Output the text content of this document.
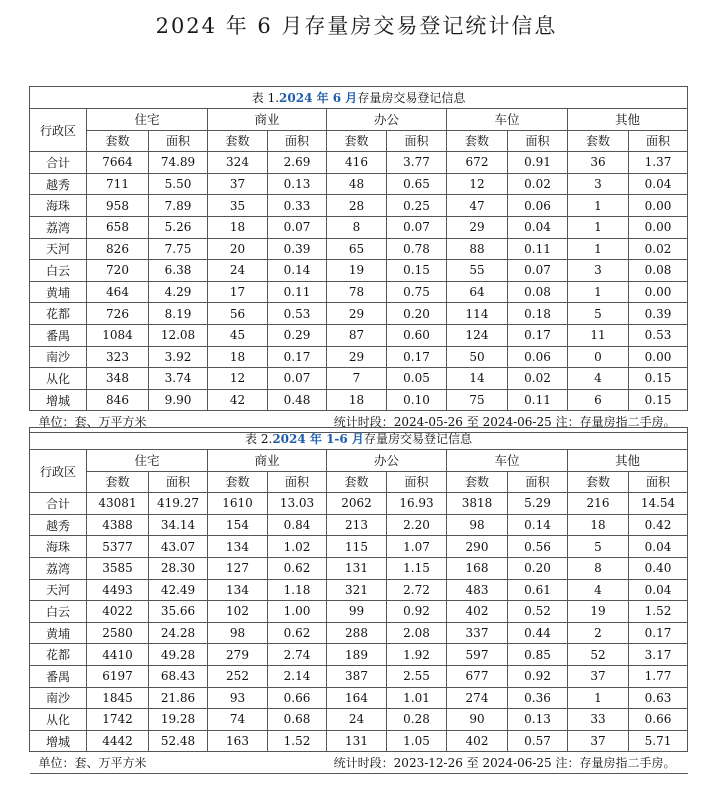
2024 年 6 月存量房交易登记统计信息
表 1.2024 年 6 月存量房交易登记信息										
行政区	住宅		商业		办公		车位		其他	
	套数	面积	套数	面积	套数	面积	套数	面积	套数	面积
合计	7664	74.89	324	2.69	416	3.77	672	0.91	36	1.37
越秀	711	5.50	37	0.13	48	0.65	12	0.02	3	0.04
海珠	958	7.89	35	0.33	28	0.25	47	0.06	1	0.00
荔湾	658	5.26	18	0.07	8	0.07	29	0.04	1	0.00
天河	826	7.75	20	0.39	65	0.78	88	0.11	1	0.02
白云	720	6.38	24	0.14	19	0.15	55	0.07	3	0.08
黄埔	464	4.29	17	0.11	78	0.75	64	0.08	1	0.00
花都	726	8.19	56	0.53	29	0.20	114	0.18	5	0.39
番禺	1084	12.08	45	0.29	87	0.60	124	0.17	11	0.53
南沙	323	3.92	18	0.17	29	0.17	50	0.06	0	0.00
从化	348	3.74	12	0.07	7	0.05	14	0.02	4	0.15
增城	846	9.90	42	0.48	18	0.10	75	0.11	6	0.15

单位：套、万平方米 统计时段：2024-05-26 至 2024-06-25 注：存量房指二手房。										
表 2.2024 年 1-6 月存量房交易登记信息										
行政区	住宅		商业		办公		车位		其他	
	套数	面积	套数	面积	套数	面积	套数	面积	套数	面积
合计	43081	419.27	1610	13.03	2062	16.93	3818	5.29	216	14.54
越秀	4388	34.14	154	0.84	213	2.20	98	0.14	18	0.42
海珠	5377	43.07	134	1.02	115	1.07	290	0.56	5	0.04
荔湾	3585	28.30	127	0.62	131	1.15	168	0.20	8	0.40
天河	4493	42.49	134	1.18	321	2.72	483	0.61	4	0.04
白云	4022	35.66	102	1.00	99	0.92	402	0.52	19	1.52
黄埔	2580	24.28	98	0.62	288	2.08	337	0.44	2	0.17
花都	4410	49.28	279	2.74	189	1.92	597	0.85	52	3.17
番禺	6197	68.43	252	2.14	387	2.55	677	0.92	37	1.77
南沙	1845	21.86	93	0.66	164	1.01	274	0.36	1	0.63
从化	1742	19.28	74	0.68	24	0.28	90	0.13	33	0.66
增城	4442	52.48	163	1.52	131	1.05	402	0.57	37	5.71

单位：套、万平方米 统计时段：2023-12-26 至 2024-06-25 注：存量房指二手房。										
